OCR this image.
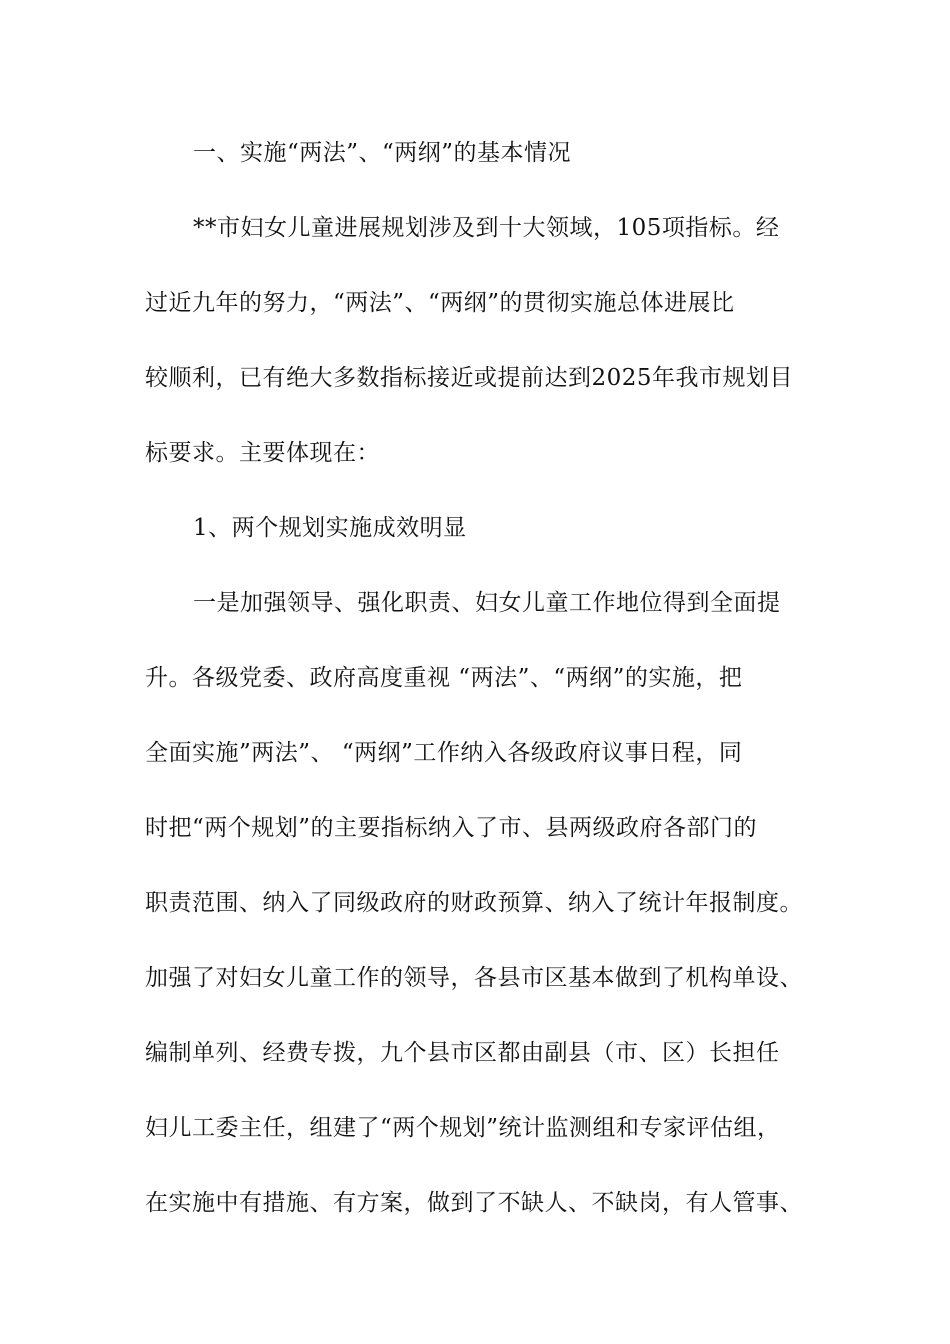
一、实施“两法”、“两纲”的基本情况
**市妇女儿童进展规划涉及到十大领域，105项指标。经
过近九年的努力，“两法”、“两纲”的贯彻实施总体进展比
较顺利，已有绝大多数指标接近或提前达到2025年我市规划目
标要求。主要体现在：
1、两个规划实施成效明显
一是加强领导、强化职责、妇女儿童工作地位得到全面提
升。各级党委、政府高度重视 “两法”、“两纲”的实施，把
全面实施”两法”、 “两纲”工作纳入各级政府议事日程，同
时把“两个规划”的主要指标纳入了市、县两级政府各部门的
职责范围、纳入了同级政府的财政预算、纳入了统计年报制度。
加强了对妇女儿童工作的领导，各县市区基本做到了机构单设、
编制单列、经费专拨，九个县市区都由副县（市、区）长担任
妇儿工委主任，组建了“两个规划”统计监测组和专家评估组，
在实施中有措施、有方案，做到了不缺人、不缺岗，有人管事、
